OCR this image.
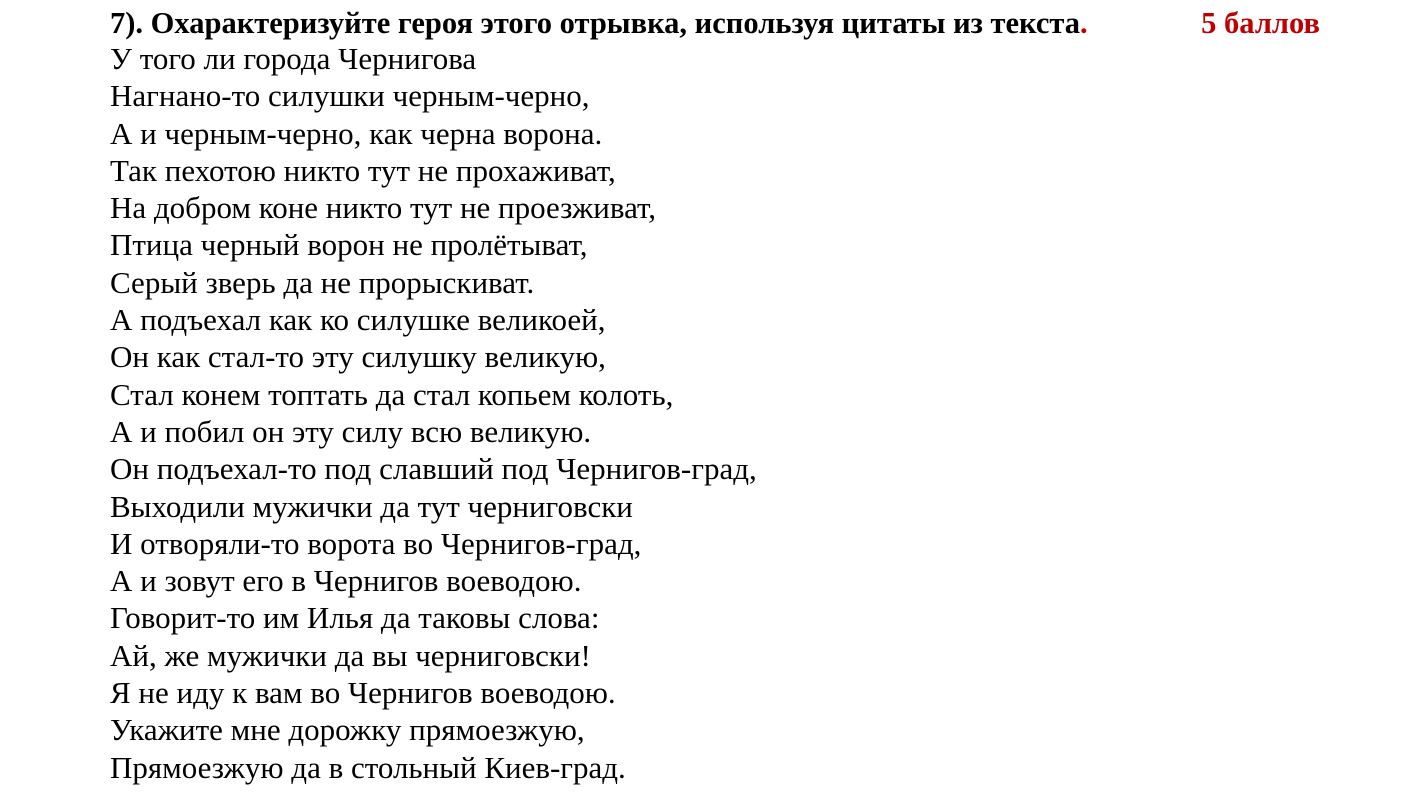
7). Охарактеризуйте героя этого отрывка, используя цитаты из текста.	5 баллов
У того ли города Чернигова
Нагнано-то силушки черным-черно,
А и черным-черно, как черна ворона.
Так пехотою никто тут не прохаживат,
На добром коне никто тут не проезживат,
Птица черный ворон не пролётыват,
Серый зверь да не прорыскиват.
А подъехал как ко силушке великоей,
Он как стал-то эту силушку великую,
Стал конем топтать да стал копьем колоть,
А и побил он эту силу всю великую.
Он подъехал-то под славший под Чернигов-град,
Выходили мужички да тут черниговски
И отворяли-то ворота во Чернигов-град,
А и зовут его в Чернигов воеводою.
Говорит-то им Илья да таковы слова:
Ай, же мужички да вы черниговски!
Я не иду к вам во Чернигов воеводою.
Укажите мне дорожку прямоезжую,
Прямоезжую да в стольный Киев-град.
